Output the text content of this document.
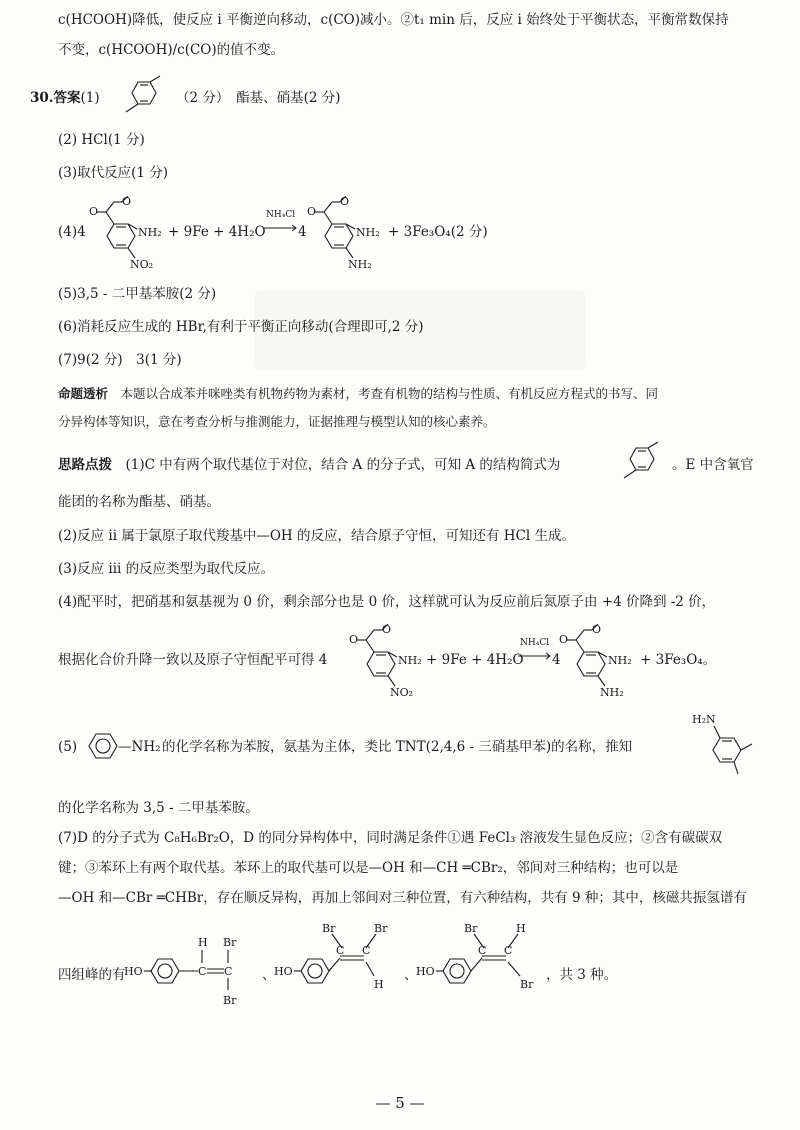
c(HCOOH)降低，使反应 i 平衡逆向移动，c(CO)减小。②t₁ min 后，反应 i 始终处于平衡状态，平衡常数保持
不变，c(HCOOH)/c(CO)的值不变。
30.答案(1)	（2 分）　酯基、硝基(2 分)
(2) HCl(1 分)
(3)取代反应(1 分)
(4)4
O
O
NH₂
NO₂
+ 9Fe + 4H₂O
NH₄Cl
4
O
O
NH₂
NH₂
+ 3Fe₃O₄(2 分)
(5)3,5 - 二甲基苯胺(2 分)
(6)消耗反应生成的 HBr,有利于平衡正向移动(合理即可,2 分)
(7)9(2 分)　3(1 分)
命题透析　 本题以合成苯并咪唑类有机物药物为素材，考查有机物的结构与性质、有机反应方程式的书写、同
分异构体等知识，意在考查分析与推测能力，证据推理与模型认知的核心素养。
思路点拨　 (1)C 中有两个取代基位于对位，结合 A 的分子式，可知 A 的结构简式为	。E 中含氧官
能团的名称为酯基、硝基。
(2)反应 ii 属于氯原子取代羧基中—OH 的反应，结合原子守恒，可知还有 HCl 生成。
(3)反应 iii 的反应类型为取代反应。
(4)配平时，把硝基和氨基视为 0 价，剩余部分也是 0 价，这样就可认为反应前后氮原子由 +4 价降到 -2 价，
根据化合价升降一致以及原子守恒配平可得 4
O
O
NH₂
NO₂
+ 9Fe + 4H₂O
NH₄Cl
4
O
O
NH₂
NH₂
+ 3Fe₃O₄。
(5)	—NH₂ 的化学名称为苯胺，氨基为主体，类比 TNT(2,4,6 - 三硝基甲苯)的名称，推知
H₂N
的化学名称为 3,5 - 二甲基苯胺。
(7)D 的分子式为 C₈H₆Br₂O，D 的同分异构体中，同时满足条件①遇 FeCl₃ 溶液发生显色反应；②含有碳碳双
键；③苯环上有两个取代基。苯环上的取代基可以是—OH 和—CH ═CBr₂，邻间对三种结构；也可以是
—OH 和—CBr ═CHBr，存在顺反异构，再加上邻间对三种位置，有六种结构，共有 9 种；其中，核磁共振氢谱有
四组峰的有
HO	C C
H Br
Br
、
HO
C C
Br	Br
H
、
HO
C C
Br	H
Br
，共 3 种。
— 5 —
